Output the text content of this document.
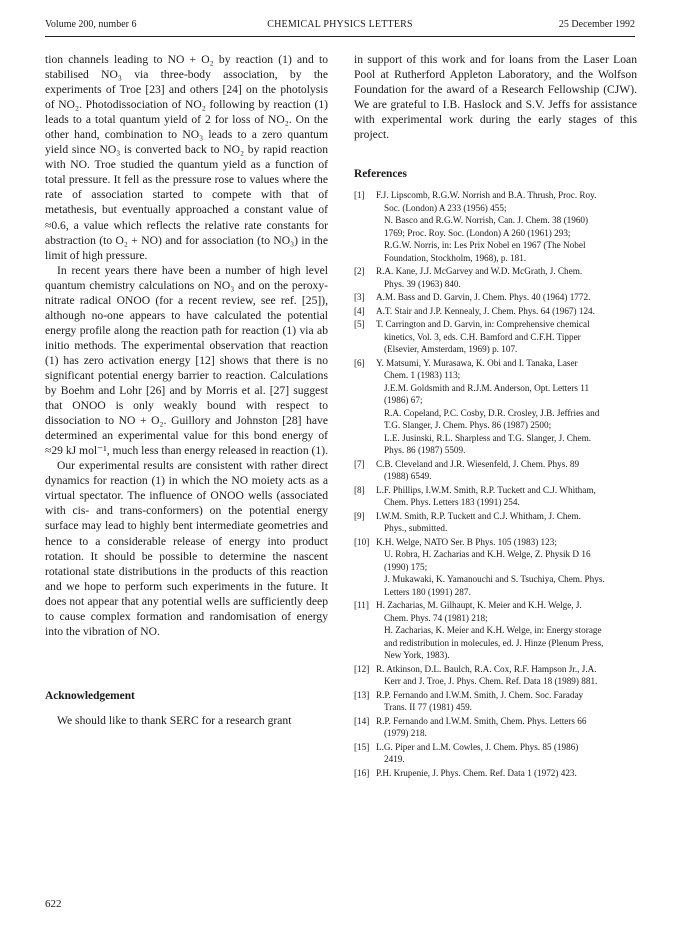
Volume 200, number 6	CHEMICAL PHYSICS LETTERS	25 December 1992

tion channels leading to NO + O₂ by reaction (1) and to stabilised NO₃ via three-body association, by the experiments of Troe [23] and others [24] on the photolysis of NO₂. Photodissociation of NO₂ following by reaction (1) leads to a total quantum yield of 2 for loss of NO₂. On the other hand, combination to NO₃ leads to a zero quantum yield since NO₃ is converted back to NO₂ by rapid reaction with NO. Troe studied the quantum yield as a function of total pressure. It fell as the pressure rose to values where the rate of association started to compete with that of metathesis, but eventually approached a constant value of ≈0.6, a value which reflects the relative rate constants for abstraction (to O₂ + NO) and for association (to NO₃) in the limit of high pressure.

In recent years there have been a number of high level quantum chemistry calculations on NO₃ and on the peroxy-nitrate radical ONOO (for a recent review, see ref. [25]), although no-one appears to have calculated the potential energy profile along the reaction path for reaction (1) via ab initio methods. The experimental observation that reaction (1) has zero activation energy [12] shows that there is no significant potential energy barrier to reaction. Calculations by Boehm and Lohr [26] and by Morris et al. [27] suggest that ONOO is only weakly bound with respect to dissociation to NO + O₂. Guillory and Johnston [28] have determined an experimental value for this bond energy of ≈29 kJ mol⁻¹, much less than energy released in reaction (1).

Our experimental results are consistent with rather direct dynamics for reaction (1) in which the NO moiety acts as a virtual spectator. The influence of ONOO wells (associated with cis- and trans-conformers) on the potential energy surface may lead to highly bent intermediate geometries and hence to a considerable release of energy into product rotation. It should be possible to determine the nascent rotational state distributions in the products of this reaction and we hope to perform such experiments in the future. It does not appear that any potential wells are sufficiently deep to cause complex formation and randomisation of energy into the vibration of NO.

Acknowledgement

We should like to thank SERC for a research grant

in support of this work and for loans from the Laser Loan Pool at Rutherford Appleton Laboratory, and the Wolfson Foundation for the award of a Research Fellowship (CJW). We are grateful to I.B. Haslock and S.V. Jeffs for assistance with experimental work during the early stages of this project.

References
[1] F.J. Lipscomb, R.G.W. Norrish and B.A. Thrush, Proc. Roy.
Soc. (London) A 233 (1956) 455;
N. Basco and R.G.W. Norrish, Can. J. Chem. 38 (1960)
1769; Proc. Roy. Soc. (London) A 260 (1961) 293;
R.G.W. Norris, in: Les Prix Nobel en 1967 (The Nobel
Foundation, Stockholm, 1968), p. 181.
[2] R.A. Kane, J.J. McGarvey and W.D. McGrath, J. Chem.
Phys. 39 (1963) 840.
[3] A.M. Bass and D. Garvin, J. Chem. Phys. 40 (1964) 1772.
[4] A.T. Stair and J.P. Kennealy, J. Chem. Phys. 64 (1967) 124.
[5] T. Carrington and D. Garvin, in: Comprehensive chemical
kinetics, Vol. 3, eds. C.H. Bamford and C.F.H. Tipper
(Elsevier, Amsterdam, 1969) p. 107.
[6] Y. Matsumi, Y. Murasawa, K. Obi and I. Tanaka, Laser
Chem. 1 (1983) 113;
J.E.M. Goldsmith and R.J.M. Anderson, Opt. Letters 11
(1986) 67;
R.A. Copeland, P.C. Cosby, D.R. Crosley, J.B. Jeffries and
T.G. Slanger, J. Chem. Phys. 86 (1987) 2500;
L.E. Jusinski, R.L. Sharpless and T.G. Slanger, J. Chem.
Phys. 86 (1987) 5509.
[7] C.B. Cleveland and J.R. Wiesenfeld, J. Chem. Phys. 89
(1988) 6549.
[8] L.F. Phillips, I.W.M. Smith, R.P. Tuckett and C.J. Whitham,
Chem. Phys. Letters 183 (1991) 254.
[9] I.W.M. Smith, R.P. Tuckett and C.J. Whitham, J. Chem.
Phys., submitted.
[10] K.H. Welge, NATO Ser. B Phys. 105 (1983) 123;
U. Robra, H. Zacharias and K.H. Welge, Z. Physik D 16
(1990) 175;
J. Mukawaki, K. Yamanouchi and S. Tsuchiya, Chem. Phys.
Letters 180 (1991) 287.
[11] H. Zacharias, M. Gilhaupt, K. Meier and K.H. Welge, J.
Chem. Phys. 74 (1981) 218;
H. Zacharias, K. Meier and K.H. Welge, in: Energy storage
and redistribution in molecules, ed. J. Hinze (Plenum Press,
New York, 1983).
[12] R. Atkinson, D.L. Baulch, R.A. Cox, R.F. Hampson Jr., J.A.
Kerr and J. Troe, J. Phys. Chem. Ref. Data 18 (1989) 881.
[13] R.P. Fernando and I.W.M. Smith, J. Chem. Soc. Faraday
Trans. II 77 (1981) 459.
[14] R.P. Fernando and I.W.M. Smith, Chem. Phys. Letters 66
(1979) 218.
[15] L.G. Piper and L.M. Cowles, J. Chem. Phys. 85 (1986)
2419.
[16] P.H. Krupenie, J. Phys. Chem. Ref. Data 1 (1972) 423.
622
